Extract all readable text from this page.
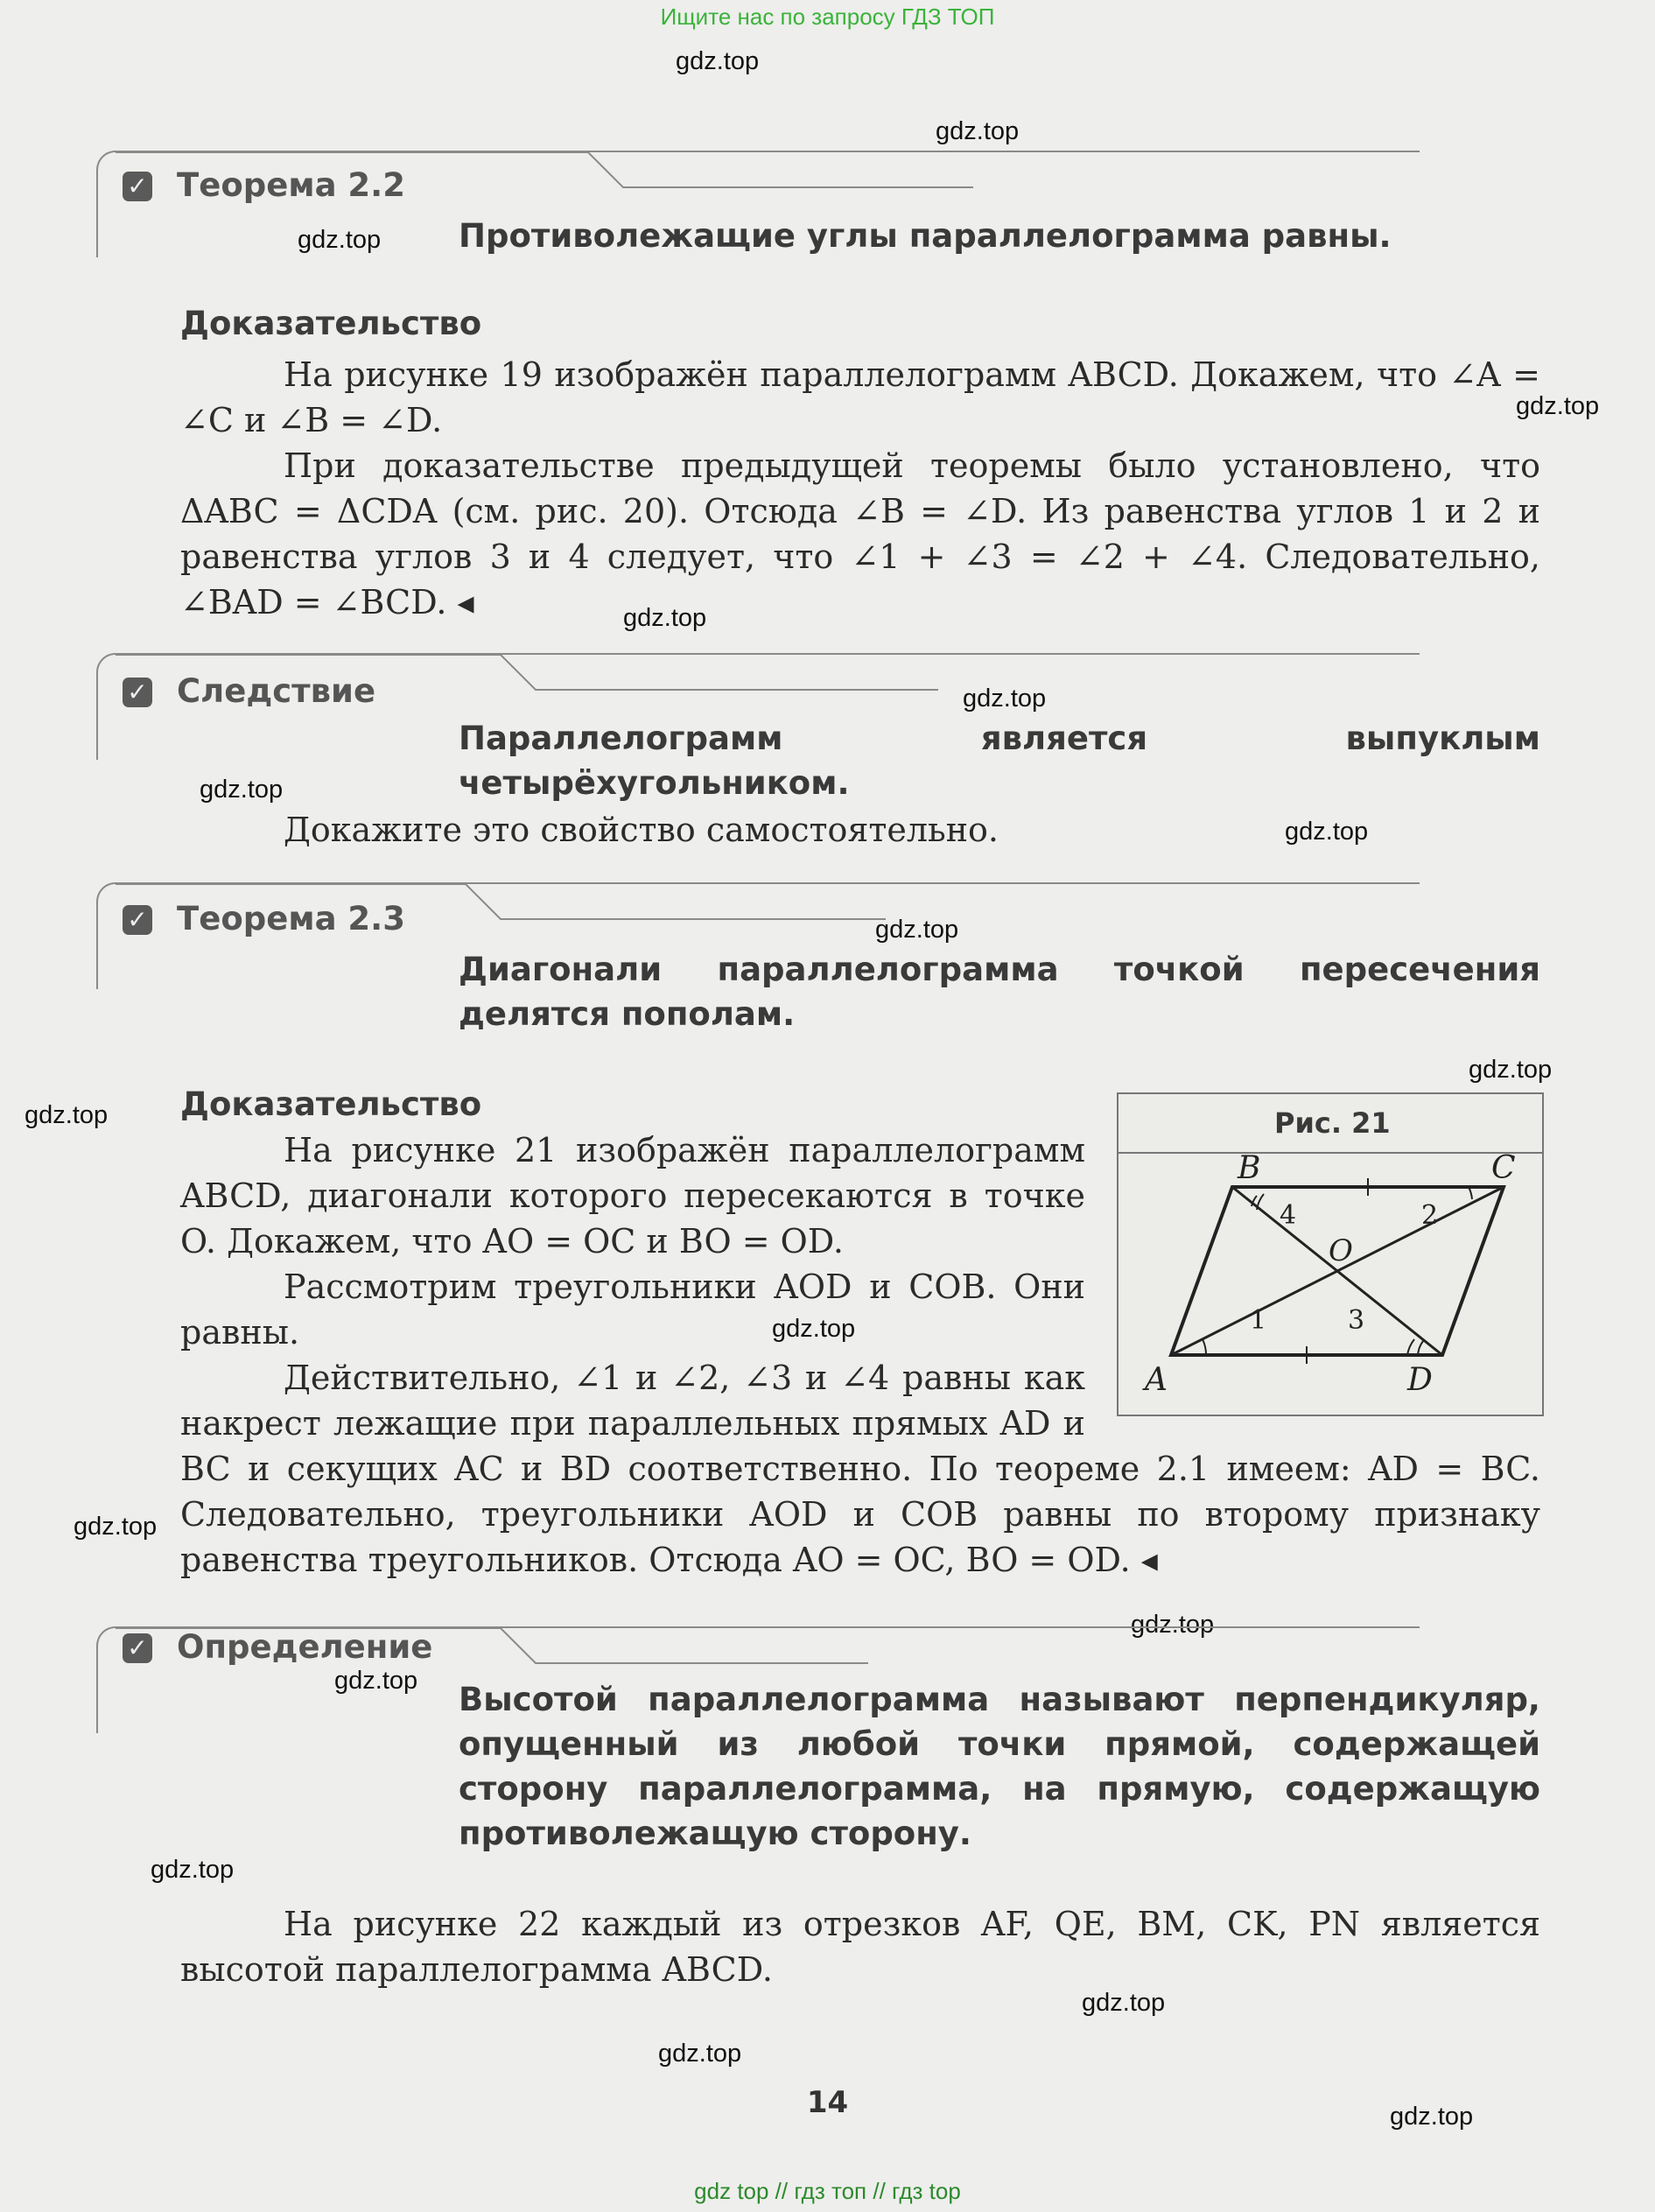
Ищите нас по запросу ГДЗ ТОП
gdz.top
gdz.top
gdz.top
gdz.top
gdz.top
gdz.top
gdz.top
gdz.top
gdz.top
gdz.top
gdz.top
gdz.top
gdz.top
gdz.top
gdz.top
gdz.top
gdz.top
gdz.top
gdz.top
✓ Теорема 2.2
Противолежащие углы параллелограмма равны.
Доказательство

На рисунке 19 изображён параллелограмм ABCD. Докажем, что ∠A = ∠C и ∠B = ∠D.

При доказательстве предыдущей теоремы было установлено, что ΔABC = ΔCDA (см. рис. 20). Отсюда ∠B = ∠D. Из равенства углов 1 и 2 и равенства углов 3 и 4 следует, что ∠1 + ∠3 = ∠2 + ∠4. Следовательно, ∠BAD = ∠BCD. ◂

✓ Следствие
Параллелограмм является выпуклым четырёхугольником.

Докажите это свойство самостоятельно.

✓ Теорема 2.3
Диагонали параллелограмма точкой пересечения делятся пополам.
Доказательство

На рисунке 21 изображён параллелограмм ABCD, диагонали которого пересекаются в точке O. Докажем, что AO = OC и BO = OD.

Рассмотрим треугольники AOD и COB. Они равны.

Действительно, ∠1 и ∠2, ∠3 и ∠4 равны как накрест лежащие при параллельных прямых AD и BC и секущих AC и BD соответственно. По теореме 2.1 имеем: AD = BC. Следовательно, треугольники AOD и COB равны по второму признаку равенства треугольников. Отсюда AO = OC, BO = OD. ◂

Рис. 21
A
B	C
D
O
1
2
3
4
✓ Определение
Высотой параллелограмма называют перпендикуляр, опущенный из любой точки прямой, содержащей сторону параллелограмма, на прямую, содержащую противолежащую сторону.

На рисунке 22 каждый из отрезков AF, QE, BM, CK, PN является высотой параллелограмма ABCD.

14
gdz top // гдз топ // гдз top
